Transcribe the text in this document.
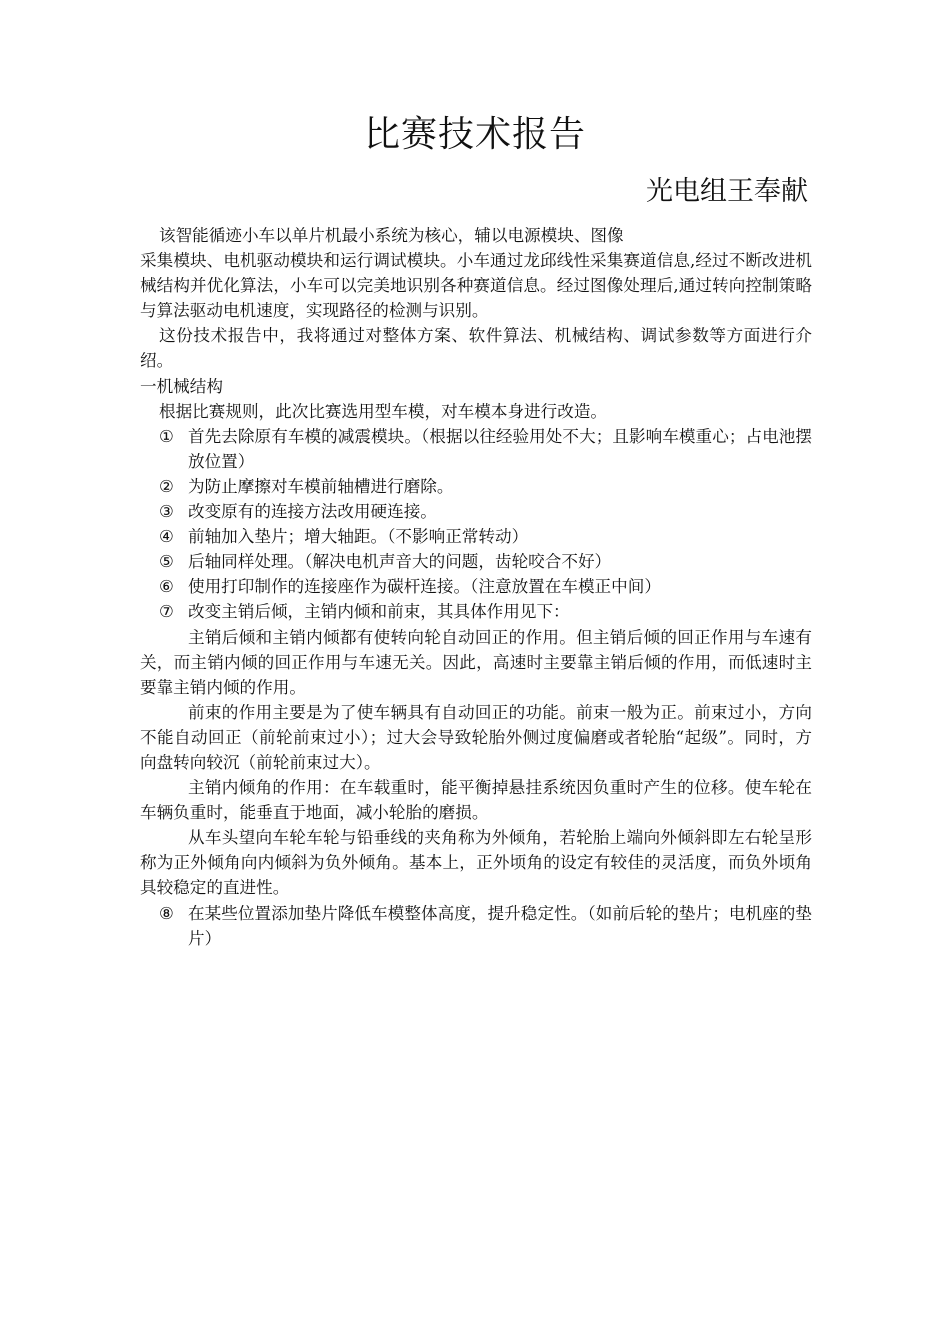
比赛技术报告
光电组王奉献

该智能循迹小车以单片机最小系统为核心，辅以电源模块、图像

采集模块、电机驱动模块和运行调试模块。小车通过龙邱线性采集赛道信息,经过不断改进机械结构并优化算法，小车可以完美地识别各种赛道信息。经过图像处理后,通过转向控制策略与算法驱动电机速度，实现路径的检测与识别。

这份技术报告中，我将通过对整体方案、软件算法、机械结构、调试参数等方面进行介绍。

一机械结构

根据比赛规则，此次比赛选用型车模，对车模本身进行改造。

① 首先去除原有车模的减震模块。（根据以往经验用处不大；且影响车模重心；占电池摆放位置）
② 为防止摩擦对车模前轴槽进行磨除。
③ 改变原有的连接方法改用硬连接。
④ 前轴加入垫片；增大轴距。（不影响正常转动）
⑤ 后轴同样处理。（解决电机声音大的问题，齿轮咬合不好）
⑥ 使用打印制作的连接座作为碳杆连接。（注意放置在车模正中间）
⑦ 改变主销后倾，主销内倾和前束，其具体作用见下：

主销后倾和主销内倾都有使转向轮自动回正的作用。但主销后倾的回正作用与车速有关，而主销内倾的回正作用与车速无关。因此，高速时主要靠主销后倾的作用，而低速时主要靠主销内倾的作用。

前束的作用主要是为了使车辆具有自动回正的功能。前束一般为正。前束过小，方向不能自动回正（前轮前束过小）；过大会导致轮胎外侧过度偏磨或者轮胎“起级”。同时，方向盘转向较沉（前轮前束过大）。

主销内倾角的作用：在车载重时，能平衡掉悬挂系统因负重时产生的位移。使车轮在车辆负重时，能垂直于地面，减小轮胎的磨损。

从车头望向车轮车轮与铅垂线的夹角称为外倾角，若轮胎上端向外倾斜即左右轮呈形称为正外倾角向内倾斜为负外倾角。基本上，正外顷角的设定有较佳的灵活度，而负外顷角具较稳定的直进性。

⑧ 在某些位置添加垫片降低车模整体高度，提升稳定性。（如前后轮的垫片；电机座的垫片）
